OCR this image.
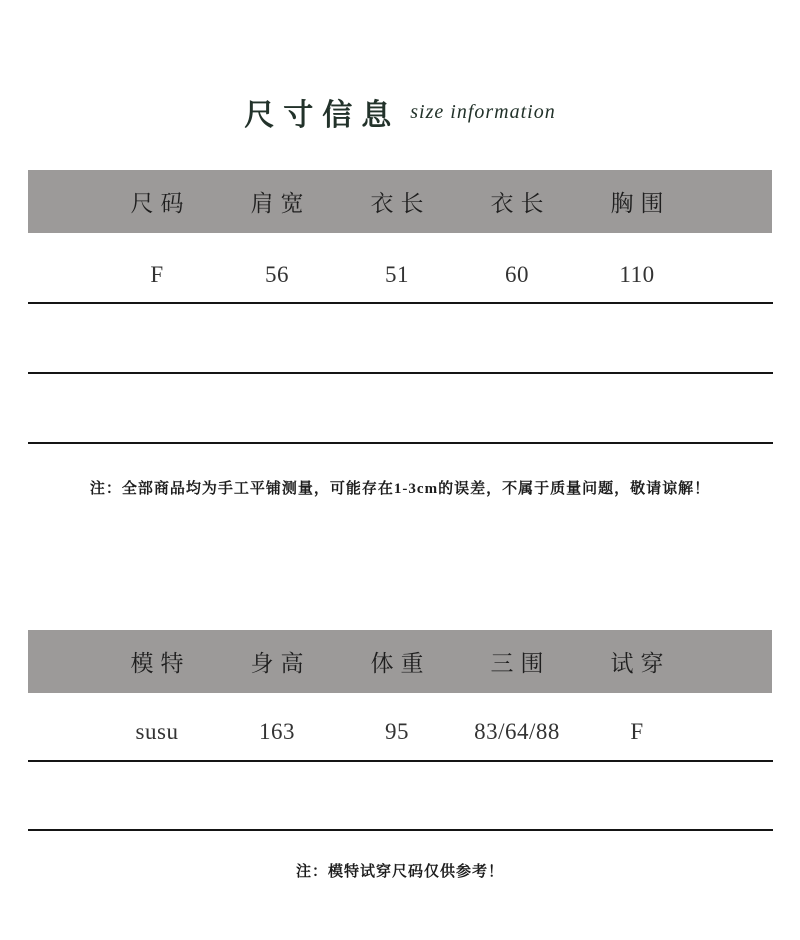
尺寸信息 size information
尺码	肩宽	衣长	衣长	胸围
F	56	51	60	110

注：全部商品均为手工平铺测量，可能存在1-3cm的误差，不属于质量问题，敬请谅解！

模特	身高	体重	三围	试穿
susu	163	95	83/64/88	F

注：模特试穿尺码仅供参考！
